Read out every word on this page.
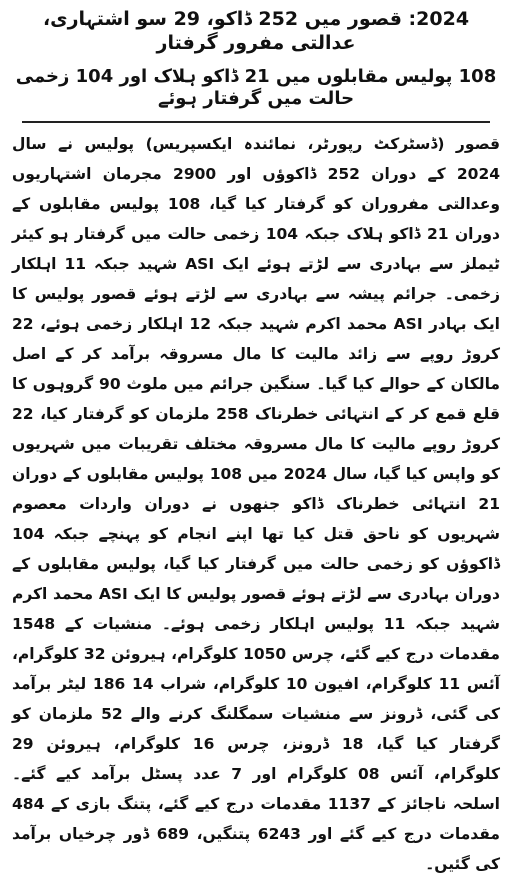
2024: قصور میں 252 ڈاکو، 29 سو اشتہاری، عدالتی مفرور گرفتار
108 پولیس مقابلوں میں 21 ڈاکو ہلاک اور 104 زخمی حالت میں گرفتار ہوئے

قصور (ڈسٹرکٹ رپورٹر، نمائندہ ایکسپریس) پولیس نے سال 2024 کے دوران 252 ڈاکوؤں اور 2900 مجرمان اشتہاریوں وعدالتی مفروران کو گرفتار کیا گیا، 108 پولیس مقابلوں کے دوران 21 ڈاکو ہلاک جبکہ 104 زخمی حالت میں گرفتار ہو کیئر ٹیملز سے بہادری سے لڑتے ہوئے ایک ASI شہید جبکہ 11 اہلکار زخمی۔ جرائم پیشہ سے بہادری سے لڑتے ہوئے قصور پولیس کا ایک بہادر ASI محمد اکرم شہید جبکہ 12 اہلکار زخمی ہوئے، 22 کروڑ روپے سے زائد مالیت کا مال مسروقہ برآمد کر کے اصل مالکان کے حوالے کیا گیا۔ سنگین جرائم میں ملوث 90 گروہوں کا قلع قمع کر کے انتہائی خطرناک 258 ملزمان کو گرفتار کیا، 22 کروڑ روپے مالیت کا مال مسروقہ مختلف تقریبات میں شہریوں کو واپس کیا گیا، سال 2024 میں 108 پولیس مقابلوں کے دوران 21 انتہائی خطرناک ڈاکو جنھوں نے دوران واردات معصوم شہریوں کو ناحق قتل کیا تھا اپنے انجام کو پہنچے جبکہ 104 ڈاکوؤں کو زخمی حالت میں گرفتار کیا گیا، پولیس مقابلوں کے دوران بہادری سے لڑتے ہوئے قصور پولیس کا ایک ASI محمد اکرم شہید جبکہ 11 پولیس اہلکار زخمی ہوئے۔ منشیات کے 1548 مقدمات درج کیے گئے، چرس 1050 کلوگرام، ہیروئن 32 کلوگرام، آئس 11 کلوگرام، افیون 10 کلوگرام، شراب 14 186 لیٹر برآمد کی گئی، ڈرونز سے منشیات سمگلنگ کرنے والے 52 ملزمان کو گرفتار کیا گیا، 18 ڈرونز، چرس 16 کلوگرام، ہیروئن 29 کلوگرام، آئس 08 کلوگرام اور 7 عدد پسٹل برآمد کیے گئے۔ اسلحہ ناجائز کے 1137 مقدمات درج کیے گئے، پتنگ بازی کے 484 مقدمات درج کیے گئے اور 6243 پتنگیں، 689 ڈور چرخیاں برآمد کی گئیں۔
